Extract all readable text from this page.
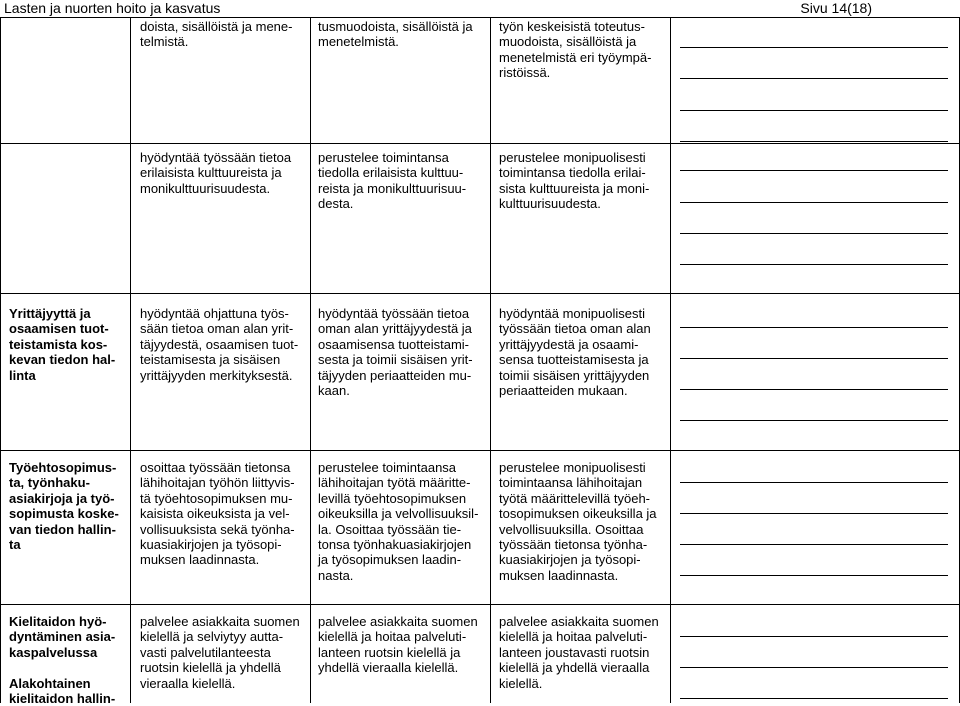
Lasten ja nuorten hoito ja kasvatus	Sivu 14(18)
doista, sisällöistä ja mene-
telmistä.
tusmuodoista, sisällöistä ja
menetelmistä.
työn keskeisistä toteutus-
muodoista, sisällöistä ja
menetelmistä eri työympä-
ristöissä.
hyödyntää työssään tietoa
erilaisista kulttuureista ja
monikulttuurisuudesta.
perustelee toimintansa
tiedolla erilaisista kulttuu-
reista ja monikulttuurisuu-
desta.
perustelee monipuolisesti
toimintansa tiedolla erilai-
sista kulttuureista ja moni-
kulttuurisuudesta.
Yrittäjyyttä ja
osaamisen tuot-
teistamista kos-
kevan tiedon hal-
linta
hyödyntää ohjattuna työs-
sään tietoa oman alan yrit-
täjyydestä, osaamisen tuot-
teistamisesta ja sisäisen
yrittäjyyden merkityksestä.
hyödyntää työssään tietoa
oman alan yrittäjyydestä ja
osaamisensa tuotteistami-
sesta ja toimii sisäisen yrit-
täjyyden periaatteiden mu-
kaan.
hyödyntää monipuolisesti
työssään tietoa oman alan
yrittäjyydestä ja osaami-
sensa tuotteistamisesta ja
toimii sisäisen yrittäjyyden
periaatteiden mukaan.
Työehtosopimus-
ta, työnhaku-
asiakirjoja ja työ-
sopimusta koske-
van tiedon hallin-
ta
osoittaa työssään tietonsa
lähihoitajan työhön liittyvis-
tä työehtosopimuksen mu-
kaisista oikeuksista ja vel-
vollisuuksista sekä työnha-
kuasiakirjojen ja työsopi-
muksen laadinnasta.
perustelee toimintaansa
lähihoitajan työtä määritte-
levillä työehtosopimuksen
oikeuksilla ja velvollisuuksil-
la. Osoittaa työssään tie-
tonsa työnhakuasiakirjojen
ja työsopimuksen laadin-
nasta.
perustelee monipuolisesti
toimintaansa lähihoitajan
työtä määrittelevillä työeh-
tosopimuksen oikeuksilla ja
velvollisuuksilla. Osoittaa
työssään tietonsa työnha-
kuasiakirjojen ja työsopi-
muksen laadinnasta.
Kielitaidon hyö-
dyntäminen asia-
kaspalvelussa

Alakohtainen
kielitaidon hallin-
palvelee asiakkaita suomen
kielellä ja selviytyy autta-
vasti palvelutilanteesta
ruotsin kielellä ja yhdellä
vieraalla kielellä.
palvelee asiakkaita suomen
kielellä ja hoitaa palveluti-
lanteen ruotsin kielellä ja
yhdellä vieraalla kielellä.
palvelee asiakkaita suomen
kielellä ja hoitaa palveluti-
lanteen joustavasti ruotsin
kielellä ja yhdellä vieraalla
kielellä.
